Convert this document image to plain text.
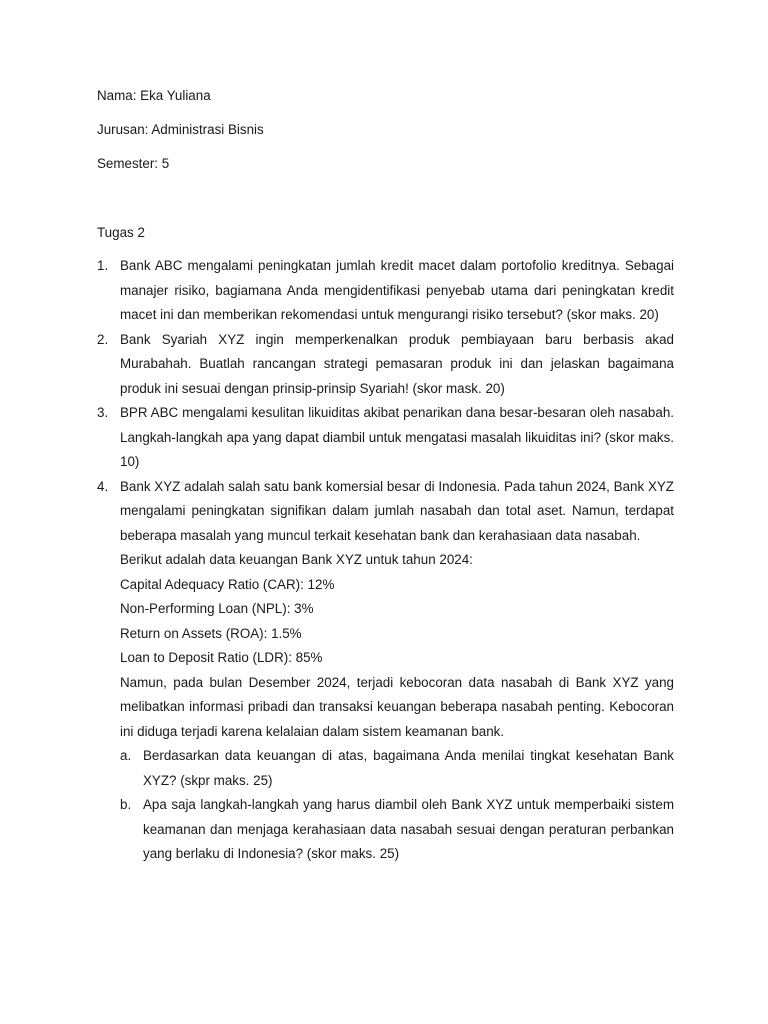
Nama: Eka Yuliana
Jurusan: Administrasi Bisnis
Semester: 5
Tugas 2
1. Bank ABC mengalami peningkatan jumlah kredit macet dalam portofolio kreditnya. Sebagai manajer risiko, bagiamana Anda mengidentifikasi penyebab utama dari peningkatan kredit macet ini dan memberikan rekomendasi untuk mengurangi risiko tersebut? (skor maks. 20)

2. Bank Syariah XYZ ingin memperkenalkan produk pembiayaan baru berbasis akad Murabahah. Buatlah rancangan strategi pemasaran produk ini dan jelaskan bagaimana produk ini sesuai dengan prinsip-prinsip Syariah! (skor mask. 20)

3. BPR ABC mengalami kesulitan likuiditas akibat penarikan dana besar-besaran oleh nasabah. Langkah-langkah apa yang dapat diambil untuk mengatasi masalah likuiditas ini? (skor maks. 10)

4. Bank XYZ adalah salah satu bank komersial besar di Indonesia. Pada tahun 2024, Bank XYZ mengalami peningkatan signifikan dalam jumlah nasabah dan total aset. Namun, terdapat beberapa masalah yang muncul terkait kesehatan bank dan kerahasiaan data nasabah.

Berikut adalah data keuangan Bank XYZ untuk tahun 2024:

Capital Adequacy Ratio (CAR): 12%

Non-Performing Loan (NPL): 3%

Return on Assets (ROA): 1.5%

Loan to Deposit Ratio (LDR): 85%

Namun, pada bulan Desember 2024, terjadi kebocoran data nasabah di Bank XYZ yang melibatkan informasi pribadi dan transaksi keuangan beberapa nasabah penting. Kebocoran ini diduga terjadi karena kelalaian dalam sistem keamanan bank.

a. Berdasarkan data keuangan di atas, bagaimana Anda menilai tingkat kesehatan Bank XYZ? (skpr maks. 25)

b. Apa saja langkah-langkah yang harus diambil oleh Bank XYZ untuk memperbaiki sistem keamanan dan menjaga kerahasiaan data nasabah sesuai dengan peraturan perbankan yang berlaku di Indonesia? (skor maks. 25)
